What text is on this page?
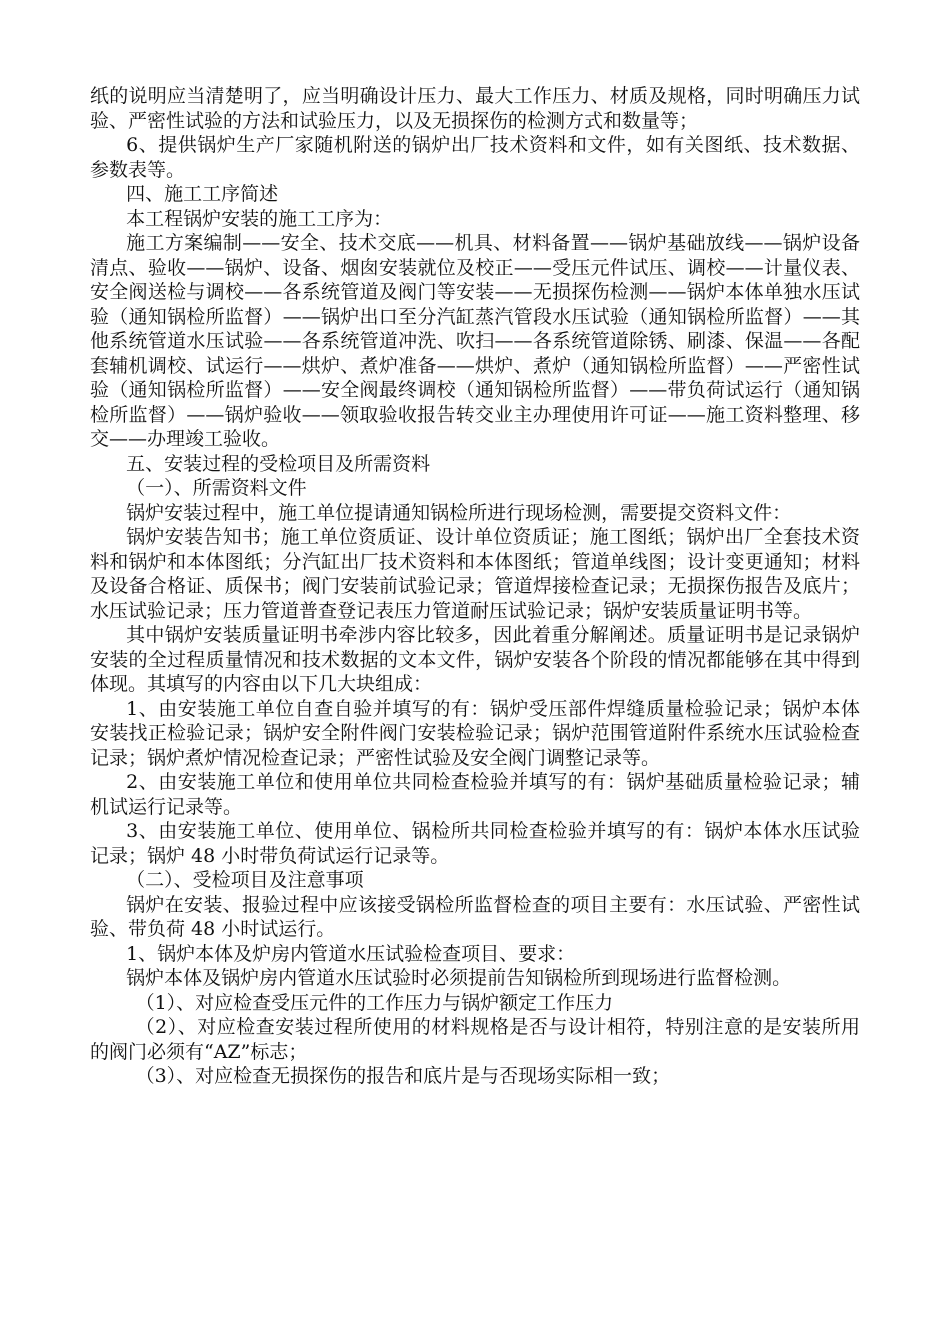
纸的说明应当清楚明了，应当明确设计压力、最大工作压力、材质及规格，同时明确压力试验、严密性试验的方法和试验压力，以及无损探伤的检测方式和数量等；

6、提供锅炉生产厂家随机附送的锅炉出厂技术资料和文件，如有关图纸、技术数据、参数表等。

四、施工工序简述

本工程锅炉安装的施工工序为：

施工方案编制——安全、技术交底——机具、材料备置——锅炉基础放线——锅炉设备清点、验收——锅炉、设备、烟囱安装就位及校正——受压元件试压、调校——计量仪表、安全阀送检与调校——各系统管道及阀门等安装——无损探伤检测——锅炉本体单独水压试验（通知锅检所监督）——锅炉出口至分汽缸蒸汽管段水压试验（通知锅检所监督）——其他系统管道水压试验——各系统管道冲洗、吹扫——各系统管道除锈、刷漆、保温——各配套辅机调校、试运行——烘炉、煮炉准备——烘炉、煮炉（通知锅检所监督）——严密性试验（通知锅检所监督）——安全阀最终调校（通知锅检所监督）——带负荷试运行（通知锅检所监督）——锅炉验收——领取验收报告转交业主办理使用许可证——施工资料整理、移交——办理竣工验收。

五、安装过程的受检项目及所需资料

（一）、所需资料文件

锅炉安装过程中，施工单位提请通知锅检所进行现场检测，需要提交资料文件：

锅炉安装告知书；施工单位资质证、设计单位资质证；施工图纸；锅炉出厂全套技术资料和锅炉和本体图纸；分汽缸出厂技术资料和本体图纸；管道单线图；设计变更通知；材料及设备合格证、质保书；阀门安装前试验记录；管道焊接检查记录；无损探伤报告及底片；水压试验记录；压力管道普查登记表压力管道耐压试验记录；锅炉安装质量证明书等。

其中锅炉安装质量证明书牵涉内容比较多，因此着重分解阐述。质量证明书是记录锅炉安装的全过程质量情况和技术数据的文本文件，锅炉安装各个阶段的情况都能够在其中得到体现。其填写的内容由以下几大块组成：

1、由安装施工单位自查自验并填写的有：锅炉受压部件焊缝质量检验记录；锅炉本体安装找正检验记录；锅炉安全附件阀门安装检验记录；锅炉范围管道附件系统水压试验检查记录；锅炉煮炉情况检查记录；严密性试验及安全阀门调整记录等。

2、由安装施工单位和使用单位共同检查检验并填写的有：锅炉基础质量检验记录；辅机试运行记录等。

3、由安装施工单位、使用单位、锅检所共同检查检验并填写的有：锅炉本体水压试验记录；锅炉 48 小时带负荷试运行记录等。

（二）、受检项目及注意事项

锅炉在安装、报验过程中应该接受锅检所监督检查的项目主要有：水压试验、严密性试验、带负荷 48 小时试运行。

1、锅炉本体及炉房内管道水压试验检查项目、要求：

锅炉本体及锅炉房内管道水压试验时必须提前告知锅检所到现场进行监督检测。

（1）、对应检查受压元件的工作压力与锅炉额定工作压力

（2）、对应检查安装过程所使用的材料规格是否与设计相符，特别注意的是安装所用的阀门必须有“AZ”标志；

（3）、对应检查无损探伤的报告和底片是与否现场实际相一致；
